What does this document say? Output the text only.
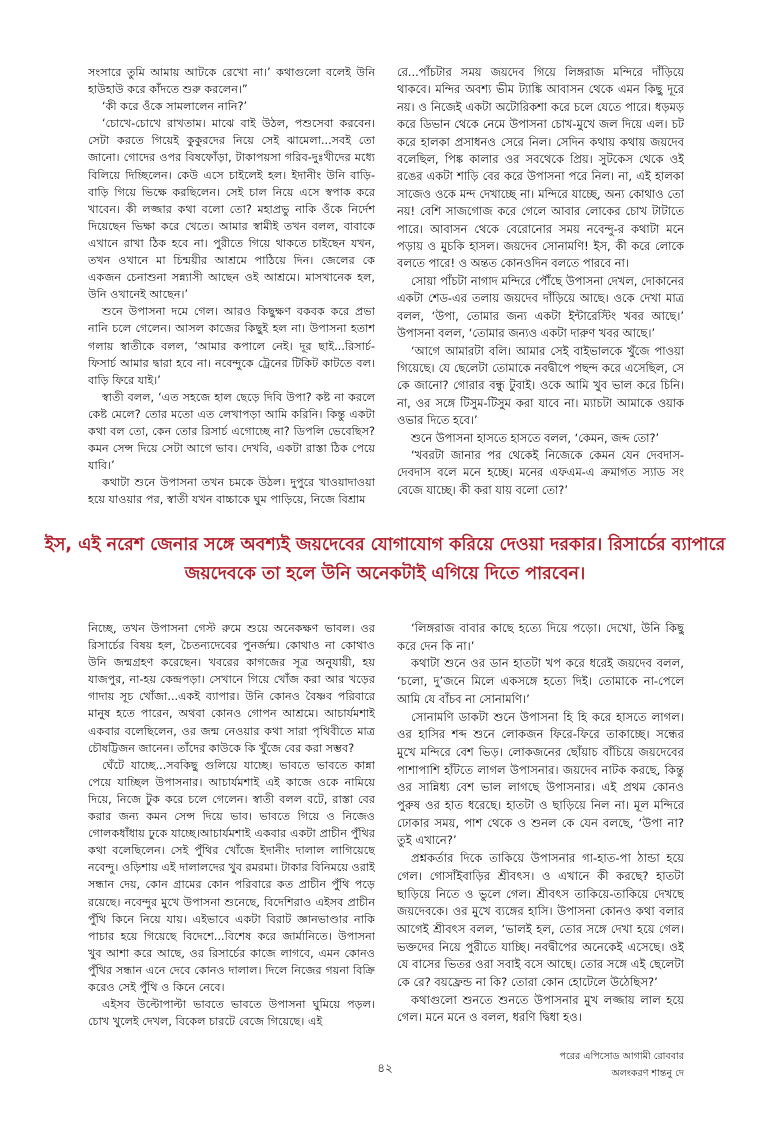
সংসারে তুমি আমায় আটকে রেখো না।’ কথাগুলো বলেই উনি হাউহাউ করে কাঁদতে শুরু করলেন।”

‘কী করে ওঁকে সামলালেন নানি?’

‘চোখে-চোখে রাখতাম। মাঝে বাই উঠল, পশুসেবা করবেন। সেটা করতে গিয়েই কুকুরদের নিয়ে সেই ঝামেলা...সবই তো জানো। গোদের ওপর বিষফোঁড়া, টাকাপয়সা গরিব-দুঃখীদের মধ্যে বিলিয়ে দিচ্ছিলেন। কেউ এসে চাইলেই হল। ইদানীং উনি বাড়ি-বাড়ি গিয়ে ভিক্ষে করছিলেন। সেই চাল নিয়ে এসে স্বপাক করে খাবেন। কী লজ্জার কথা বলো তো? মহাপ্রভু নাকি ওঁকে নির্দেশ দিয়েছেন ভিক্ষা করে খেতে। আমার স্বামীই তখন বলল, বাবাকে এখানে রাখা ঠিক হবে না। পুরীতে গিয়ে থাকতে চাইছেন যখন, তখন ওখানে মা চিন্ময়ীর আশ্রমে পাঠিয়ে দিন। জেলের কে একজন চেনাশুনা সন্ন্যাসী আছেন ওই আশ্রমে। মাসখানেক হল, উনি ওখানেই আছেন।’

শুনে উপাসনা দমে গেল। আরও কিছুক্ষণ বকবক করে প্রভা নানি চলে গেলেন। আসল কাজের কিছুই হল না। উপাসনা হতাশ গলায় স্বাতীকে বলল, ‘আমার কপালে নেই। দূর ছাই...রিসার্চ-ফিসার্চ আমার দ্বারা হবে না। নবেন্দুকে ট্রেনের টিকিট কাটতে বল। বাড়ি ফিরে যাই।’

স্বাতী বলল, ‘এত সহজে হাল ছেড়ে দিবি উপা? কষ্ট না করলে কেষ্ট মেলে? তোর মতো এত লেখাপড়া আমি করিনি। কিন্তু একটা কথা বল তো, কেন তোর রিসার্চ এগোচ্ছে না? ডিপলি ভেবেছিস? কমন সেন্স দিয়ে সেটা আগে ভাব। দেখবি, একটা রাস্তা ঠিক পেয়ে যাবি।’

কথাটা শুনে উপাসনা তখন চমকে উঠল। দুপুরে খাওয়াদাওয়া হয়ে যাওয়ার পর, স্বাতী যখন বাচ্চাকে ঘুম পাড়িয়ে, নিজে বিশ্রাম

রে...পাঁচটার সময় জয়দেব গিয়ে লিঙ্গরাজ মন্দিরে দাঁড়িয়ে থাকবে। মন্দির অবশ্য ভীম ট্যাঙ্কি আবাসন থেকে এমন কিছু দূরে নয়। ও নিজেই একটা অটোরিকশা করে চলে যেতে পারে। ধড়মড় করে ডিভান থেকে নেমে উপাসনা চোখ-মুখে জল দিয়ে এল। চট করে হালকা প্রসাধনও সেরে নিল। সেদিন কথায় কথায় জয়দেব বলেছিল, পিঙ্ক কালার ওর সবথেকে প্রিয়। সুটকেস থেকে ওই রঙের একটা শাড়ি বের করে উপাসনা পরে নিল। না, এই হালকা সাজেও ওকে মন্দ দেখাচ্ছে না। মন্দিরে যাচ্ছে, অন্য কোথাও তো নয়! বেশি সাজগোজ করে গেলে আবার লোকের চোখ টাটাতে পারে। আবাসন থেকে বেরোনোর সময় নবেন্দু-র কথাটা মনে পড়ায় ও মুচকি হাসল। জয়দেব সোনামণি! ইস, কী করে লোকে বলতে পারে! ও অন্তত কোনওদিন বলতে পারবে না।

সোয়া পাঁচটা নাগাদ মন্দিরে পৌঁছে উপাসনা দেখল, দোকানের একটা শেড-এর তলায় জয়দেব দাঁড়িয়ে আছে। ওকে দেখা মাত্র বলল, ‘উপা, তোমার জন্য একটা ইন্টারেস্টিং খবর আছে।’ উপাসনা বলল, ‘তোমার জন্যও একটা দারুণ খবর আছে।’

‘আগে আমারটা বলি। আমার সেই বাইভালকে খুঁজে পাওয়া গিয়েছে। যে ছেলেটা তোমাকে নবদ্বীপে পছন্দ করে এসেছিল, সে কে জানো? গোরার বন্ধু টুবাই। ওকে আমি খুব ভাল করে চিনি। না, ওর সঙ্গে টিসুম-টিসুম করা যাবে না। ম্যাচটা আমাকে ওয়াক ওভার দিতে হবে।’

শুনে উপাসনা হাসতে হাসতে বলল, ‘কেমন, জব্দ তো?’

‘খবরটা জানার পর থেকেই নিজেকে কেমন যেন দেবদাস-দেবদাস বলে মনে হচ্ছে। মনের এফএম-এ ক্রমাগত স্যাড সং বেজে যাচ্ছে। কী করা যায় বলো তো?’

ইস, এই নরেশ জেনার সঙ্গে অবশ্যই জয়দেবের যোগাযোগ করিয়ে দেওয়া দরকার। রিসার্চের ব্যাপারে
জয়দেবকে তা হলে উনি অনেকটাই এগিয়ে দিতে পারবেন।

নিচ্ছে, তখন উপাসনা গেস্ট রুমে শুয়ে অনেকক্ষণ ভাবল। ওর রিসার্চের বিষয় হল, চৈতন্যদেবের পুনর্জন্ম। কোথাও না কোথাও উনি জন্মগ্রহণ করেছেন। খবরের কাগজের সূত্র অনুযায়ী, হয় যাজপুর, না-হয় কেন্দ্রপড়া। সেখানে গিয়ে খোঁজ করা আর খড়ের গাদায় সূচ খোঁজা...একই ব্যাপার। উনি কোনও বৈষ্ণব পরিবারে মানুষ হতে পারেন, অথবা কোনও গোপন আশ্রমে। আচার্যমশাই একবার বলেছিলেন, ওর জন্ম নেওয়ার কথা সারা পৃথিবীতে মাত্র চৌষট্টিজন জানেন। তাঁদের কাউকে কি খুঁজে বের করা সম্ভব?

ঘেঁটে যাচ্ছে...সবকিছু গুলিয়ে যাচ্ছে। ভাবতে ভাবতে কান্না পেয়ে যাচ্ছিল উপাসনার। আচার্যমশাই এই কাজে ওকে নামিয়ে দিয়ে, নিজে টুক করে চলে গেলেন। স্বাতী বলল বটে, রাস্তা বের করার জন্য কমন সেন্স দিয়ে ভাব। ভাবতে গিয়ে ও নিজেও গোলকধাঁধায় ঢুকে যাচ্ছে।আচার্যমশাই একবার একটা প্রাচীন পুঁথির কথা বলেছিলেন। সেই পুঁথির খোঁজে ইদানীং দালাল লাগিয়েছে নবেন্দু। ওড়িশায় এই দালালদের খুব রমরমা। টাকার বিনিময়ে ওরাই সন্ধান দেয়, কোন গ্রামের কোন পরিবারে কত প্রাচীন পুঁথি পড়ে রয়েছে। নবেন্দুর মুখে উপাসনা শুনেছে, বিদেশিরাও এইসব প্রাচীন পুঁথি কিনে নিয়ে যায়। এইভাবে একটা বিরাট জ্ঞানভাণ্ডার নাকি পাচার হয়ে গিয়েছে বিদেশে...বিশেষ করে জার্মানিতে। উপাসনা খুব আশা করে আছে, ওর রিসার্চের কাজে লাগবে, এমন কোনও পুঁথির সন্ধান এনে দেবে কোনও দালাল। দিলে নিজের গয়না বিক্রি করেও সেই পুঁথি ও কিনে নেবে।

এইসব উল্টোপাল্টা ভাবতে ভাবতে উপাসনা ঘুমিয়ে পড়ল। চোখ খুলেই দেখল, বিকেল চারটে বেজে গিয়েছে। এই

‘লিঙ্গরাজ বাবার কাছে হত্যে দিয়ে পড়ো। দেখো, উনি কিছু করে দেন কি না।’

কথাটা শুনে ওর ডান হাতটা খপ করে ধরেই জয়দেব বলল, ‘চলো, দু’জনে মিলে একসঙ্গে হত্যে দিই। তোমাকে না-পেলে আমি যে বাঁচব না সোনামণি।’

সোনামণি ডাকটা শুনে উপাসনা হি হি করে হাসতে লাগল। ওর হাসির শব্দ শুনে লোকজন ফিরে-ফিরে তাকাচ্ছে। সন্ধের মুখে মন্দিরে বেশ ভিড়। লোকজনের ছোঁয়াচ বাঁচিয়ে জয়দেবের পাশাপাশি হাঁটতে লাগল উপাসনার। জয়দেব নাটক করছে, কিন্তু ওর সান্নিধ্য বেশ ভাল লাগছে উপাসনার। এই প্রথম কোনও পুরুষ ওর হাত ধরেছে। হাতটা ও ছাড়িয়ে নিল না। মূল মন্দিরে ঢোকার সময়, পাশ থেকে ও শুনল কে যেন বলছে, ‘উপা না? তুই এখানে?’

প্রশ্নকর্তার দিকে তাকিয়ে উপাসনার গা-হাত-পা ঠান্ডা হয়ে গেল। গোসাঁইবাড়ির শ্রীবৎস। ও এখানে কী করছে? হাতটা ছাড়িয়ে নিতে ও ভুলে গেল। শ্রীবৎস তাকিয়ে-তাকিয়ে দেখছে জয়দেবকে। ওর মুখে ব্যঙ্গের হাসি। উপাসনা কোনও কথা বলার আগেই শ্রীবৎস বলল, ‘ভালই হল, তোর সঙ্গে দেখা হয়ে গেল। ভক্তদের নিয়ে পুরীতে যাচ্ছি। নবদ্বীপের অনেকেই এসেছে। ওই যে বাসের ভিতর ওরা সবাই বসে আছে। তোর সঙ্গে এই ছেলেটা কে রে? বয়ফ্রেন্ড না কি? তোরা কোন হোটেলে উঠেছিস?’

কথাগুলো শুনতে শুনতে উপাসনার মুখ লজ্জায় লাল হয়ে গেল। মনে মনে ও বলল, ধরণি দ্বিধা হও।

পরের এপিসোড আগামী রোববার
অলংকরণ শান্তনু দে
৪২
